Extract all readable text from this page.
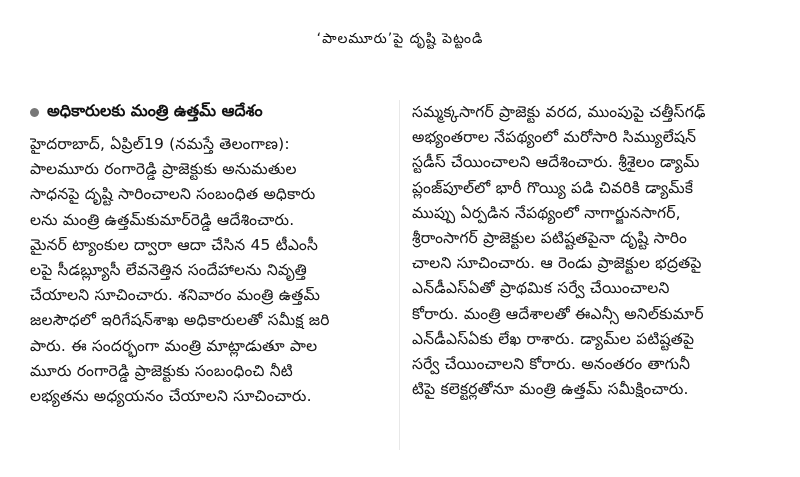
‘పాలమూరు’పై దృష్టి పెట్టండి
అధికారులకు మంత్రి ఉత్తమ్ ఆదేశం
హైదరాబాద్, ఏప్రిల్19 (నమస్తే తెలంగాణ):
పాలమూరు రంగారెడ్డి ప్రాజెక్టుకు అనుమతుల
సాధనపై దృష్టి సారించాలని సంబంధిత అధికారు
లను మంత్రి ఉత్తమ్‌కుమార్‌రెడ్డి ఆదేశించారు.
మైనర్ ట్యాంకుల ద్వారా ఆదా చేసిన 45 టీఎంసీ
లపై సీడబ్ల్యూసీ లేవనెత్తిన సందేహాలను నివృత్తి
చేయాలని సూచించారు. శనివారం మంత్రి ఉత్తమ్
జలసౌధలో ఇరిగేషన్‌శాఖ అధికారులతో సమీక్ష జరి
పారు. ఈ సందర్భంగా మంత్రి మాట్లాడుతూ పాల
మూరు రంగారెడ్డి ప్రాజెక్టుకు సంబంధించి నీటి
లభ్యతను అధ్యయనం చేయాలని సూచించారు.
సమ్మక్కసాగర్ ప్రాజెక్టు వరద, ముంపుపై చత్తీస్‌గఢ్
అభ్యంతరాల నేపథ్యంలో మరోసారి సిమ్యులేషన్
స్టడీస్ చేయించాలని ఆదేశించారు. శ్రీశైలం డ్యామ్
ప్లంజ్‌పూల్‌లో భారీ గొయ్యి పడి చివరికి డ్యామ్‌కే
ముప్పు ఏర్పడిన నేపథ్యంలో నాగార్జునసాగర్,
శ్రీరాంసాగర్ ప్రాజెక్టుల పటిష్టతపైనా దృష్టి సారిం
చాలని సూచించారు. ఆ రెండు ప్రాజెక్టుల భద్రతపై
ఎన్‌డీఎస్‌ఏతో ప్రాథమిక సర్వే చేయించాలని
కోరారు. మంత్రి ఆదేశాలతో ఈఎన్సీ అనిల్‌కుమార్
ఎన్‌డీఎస్‌ఏకు లేఖ రాశారు. డ్యామ్‌ల పటిష్టతపై
సర్వే చేయించాలని కోరారు. అనంతరం తాగునీ
టిపై కలెక్టర్లతోనూ మంత్రి ఉత్తమ్ సమీక్షించారు.
